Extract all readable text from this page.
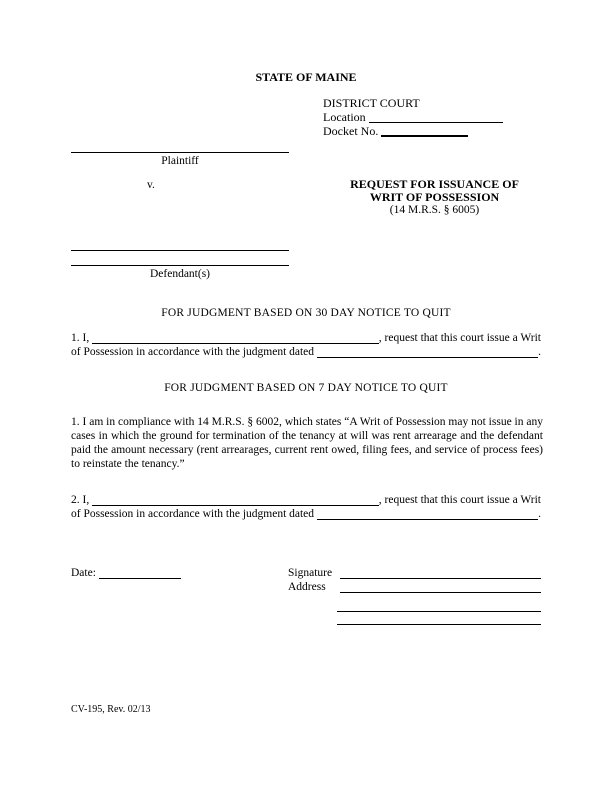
STATE OF MAINE
DISTRICT COURT
Location
Docket No.
Plaintiff
v.	REQUEST FOR ISSUANCE OF
WRIT OF POSSESSION
(14 M.R.S. § 6005)
Defendant(s)
FOR JUDGMENT BASED ON 30 DAY NOTICE TO QUIT
1. I,	, request that this court issue a Writ
of Possession in accordance with the judgment dated	.
FOR JUDGMENT BASED ON 7 DAY NOTICE TO QUIT
1. I am in compliance with 14 M.R.S. § 6002, which states “A Writ of Possession may not issue in any cases in which the ground for termination of the tenancy at will was rent arrearage and the defendant paid the amount necessary (rent arrearages, current rent owed, filing fees, and service of process fees) to reinstate the tenancy.”
2. I,	, request that this court issue a Writ
of Possession in accordance with the judgment dated	.
Date:	Signature
Address
CV-195, Rev. 02/13
